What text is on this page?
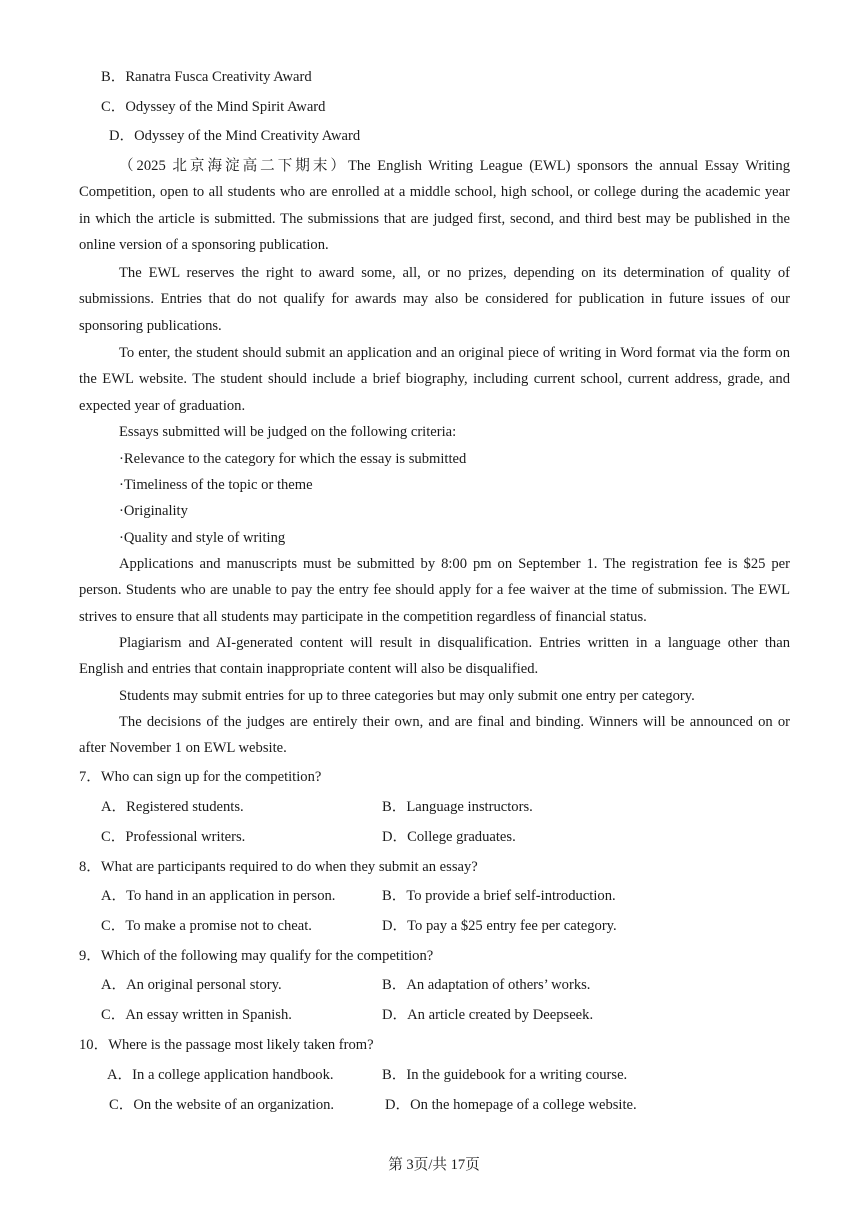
B．Ranatra Fusca Creativity Award
C．Odyssey of the Mind Spirit Award
D．Odyssey of the Mind Creativity Award
（2025 北京海淀高二下期末）The English Writing League (EWL) sponsors the annual Essay Writing Competition, open to all students who are enrolled at a middle school, high school, or college during the academic year in which the article is submitted. The submissions that are judged first, second, and third best may be published in the online version of a sponsoring publication.
The EWL reserves the right to award some, all, or no prizes, depending on its determination of quality of submissions. Entries that do not qualify for awards may also be considered for publication in future issues of our sponsoring publications.
To enter, the student should submit an application and an original piece of writing in Word format via the form on the EWL website. The student should include a brief biography, including current school, current address, grade, and expected year of graduation.
Essays submitted will be judged on the following criteria:
·Relevance to the category for which the essay is submitted
·Timeliness of the topic or theme
·Originality
·Quality and style of writing
Applications and manuscripts must be submitted by 8:00 pm on September 1. The registration fee is $25 per person. Students who are unable to pay the entry fee should apply for a fee waiver at the time of submission. The EWL strives to ensure that all students may participate in the competition regardless of financial status.
Plagiarism and AI-generated content will result in disqualification. Entries written in a language other than English and entries that contain inappropriate content will also be disqualified.
Students may submit entries for up to three categories but may only submit one entry per category.
The decisions of the judges are entirely their own, and are final and binding. Winners will be announced on or after November 1 on EWL website.
7．Who can sign up for the competition?
A．Registered students.	B．Language instructors.
C．Professional writers.	D．College graduates.
8．What are participants required to do when they submit an essay?
A．To hand in an application in person.	B．To provide a brief self-introduction.
C．To make a promise not to cheat.	D．To pay a $25 entry fee per category.
9．Which of the following may qualify for the competition?
A．An original personal story.	B．An adaptation of others’ works.
C．An essay written in Spanish.	D．An article created by Deepseek.
10．Where is the passage most likely taken from?
A．In a college application handbook.	B．In the guidebook for a writing course.
C．On the website of an organization.	D．On the homepage of a college website.
第 3页/共 17页
